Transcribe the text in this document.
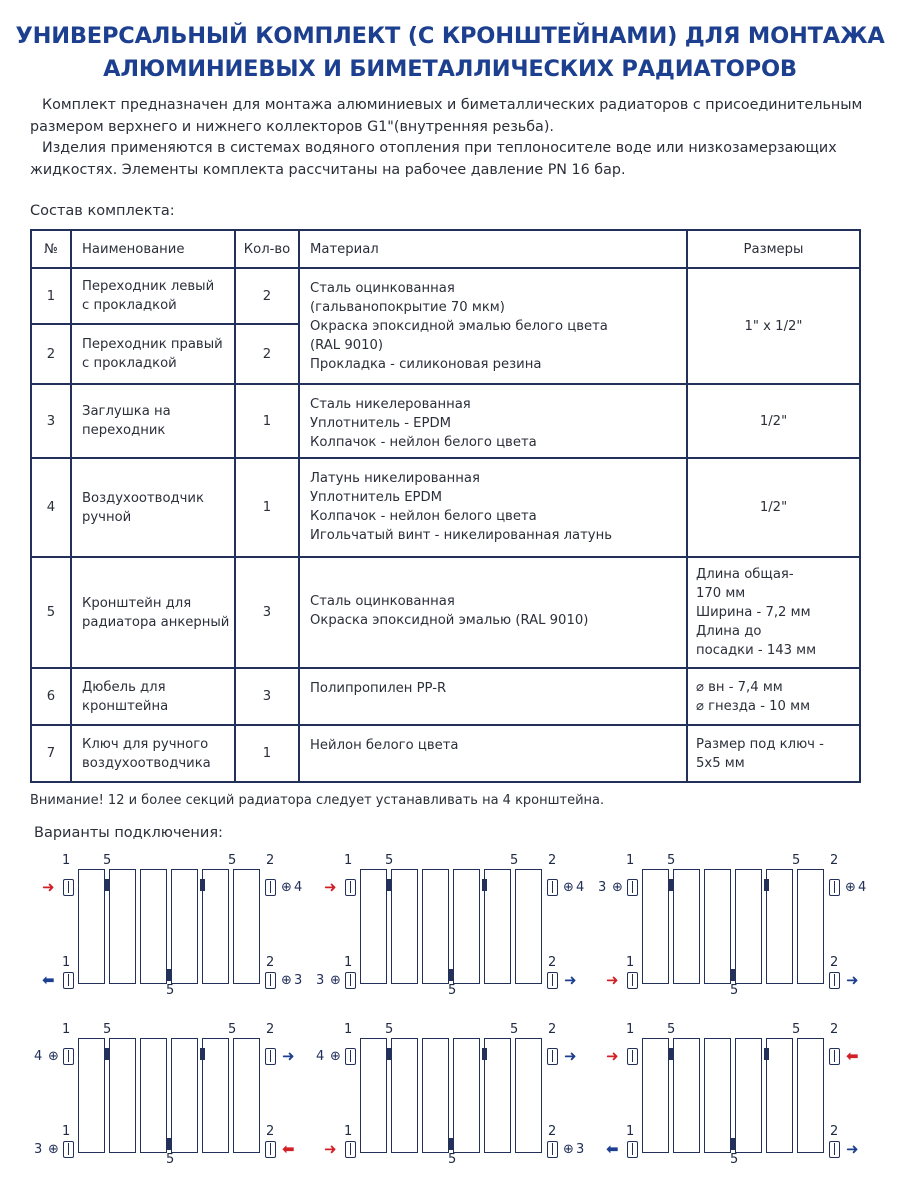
УНИВЕРСАЛЬНЫЙ КОМПЛЕКТ (С КРОНШТЕЙНАМИ) ДЛЯ МОНТАЖА
АЛЮМИНИЕВЫХ И БИМЕТАЛЛИЧЕСКИХ РАДИАТОРОВ

Комплект предназначен для монтажа алюминиевых и биметаллических радиаторов с присоединительным размером верхнего и нижнего коллекторов G1"(внутренняя резьба).

Изделия применяются в системах водяного отопления при теплоносителе воде или низкозамерзающих жидкостях. Элементы комплекта рассчитаны на рабочее давление PN 16 бар.

Состав комплекта:
№	Наименование	Кол-во	Материал	Размеры
1	Переходник левый
с прокладкой	2	Сталь оцинкованная
(гальванопокрытие 70 мкм)
Окраска эпоксидной эмалью белого цвета
(RAL 9010)
Прокладка - силиконовая резина	1" х 1/2"
2	Переходник правый
с прокладкой	2		
3	Заглушка на
переходник	1	Сталь никелерованная
Уплотнитель - EPDM
Колпачок - нейлон белого цвета	1/2"
4	Воздухоотводчик
ручной	1	Латунь никелированная
Уплотнитель EPDM
Колпачок - нейлон белого цвета
Игольчатый винт - никелированная латунь	1/2"
5	Кронштейн для
радиатора анкерный	3	Сталь оцинкованная
Окраска эпоксидной эмалью (RAL 9010)	Длина общая-
170 мм
Ширина - 7,2 мм
Длина до
посадки - 143 мм

6	Дюбель для
кронштейна	3	Полипропилен PP-R	⌀ вн - 7,4 мм
⌀ гнезда - 10 мм

7	Ключ для ручного
воздухоотводчика	1	Нейлон белого цвета	Размер под ключ -
5х5 мм
Внимание! 12 и более секций радиатора следует устанавливать на 4 кронштейна.
Варианты подключения:
1	5	5 2
1	2
5
➜
⬅
⊕ 4
⊕ 3
1	5	5 2
1	2
5
➜
3 ⊕
⊕ 4
➜
1	5	5 2
1	2
5
3 ⊕
➜
⊕ 4
➜
1	5	5 2
1	2
5
4 ⊕
3 ⊕
➜
⬅
1	5	5 2
1	2
5
4 ⊕
➜
➜
⊕ 3
1	5	5 2
1	2
5
➜
⬅
⬅
➜
